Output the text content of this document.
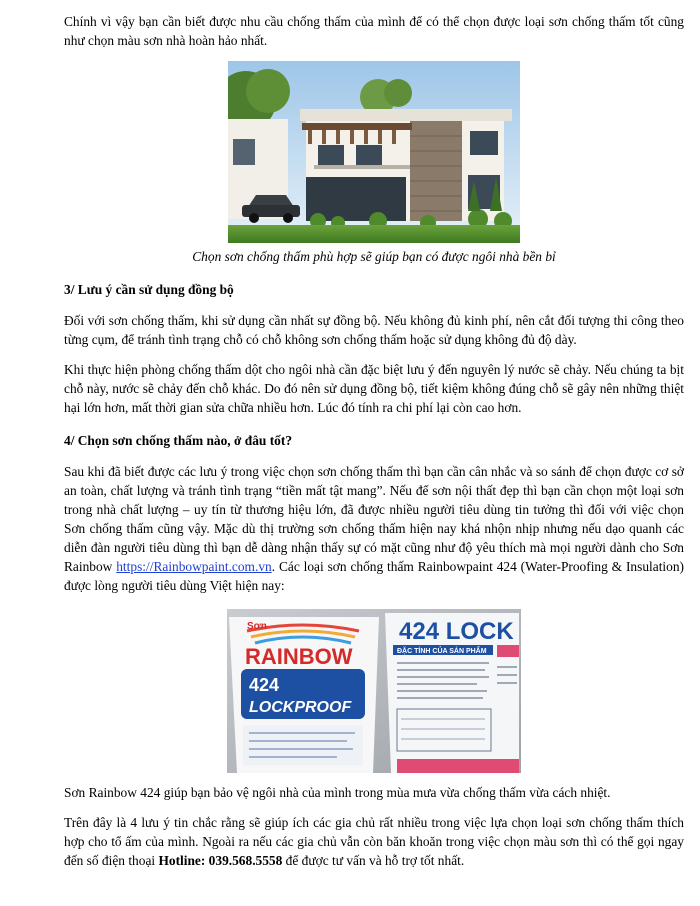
Chính vì vậy bạn cần biết được nhu cầu chống thấm của mình để có thể chọn được loại sơn chống thấm tốt cũng như chọn màu sơn nhà hoàn hảo nhất.

Chọn sơn chống thấm phù hợp sẽ giúp bạn có được ngôi nhà bền bỉ

3/ Lưu ý cần sử dụng đồng bộ

Đối với sơn chống thấm, khi sử dụng cần nhất sự đồng bộ. Nếu không đủ kinh phí, nên cắt đối tượng thi công theo từng cụm, để tránh tình trạng chỗ có chỗ không sơn chống thấm hoặc sử dụng không đủ độ dày.

Khi thực hiện phòng chống thấm dột cho ngôi nhà cần đặc biệt lưu ý đến nguyên lý nước sẽ chảy. Nếu chúng ta bịt chỗ này, nước sẽ chảy đến chỗ khác. Do đó nên sử dụng đồng bộ, tiết kiệm không đúng chỗ sẽ gây nên những thiệt hại lớn hơn, mất thời gian sửa chữa nhiều hơn. Lúc đó tính ra chi phí lại còn cao hơn.

4/ Chọn sơn chống thấm nào, ở đâu tốt?

Sau khi đã biết được các lưu ý trong việc chọn sơn chống thấm thì bạn cần cân nhắc và so sánh để chọn được cơ sở an toàn, chất lượng và tránh tình trạng “tiền mất tật mang”. Nếu để sơn nội thất đẹp thì bạn cần chọn một loại sơn trong nhà chất lượng – uy tín từ thương hiệu lớn, đã được nhiều người tiêu dùng tin tưởng thì đối với việc chọn Sơn chống thấm cũng vậy. Mặc dù thị trường sơn chống thấm hiện nay khá nhộn nhịp nhưng nếu dạo quanh các diễn đàn người tiêu dùng thì bạn dễ dàng nhận thấy sự có mặt cũng như độ yêu thích mà mọi người dành cho Sơn Rainbow https://Rainbowpaint.com.vn. Các loại sơn chống thấm Rainbowpaint 424 (Water-Proofing & Insulation) được lòng người tiêu dùng Việt hiện nay:

Sơn
RAINBOW
424
LOCKPROOF
424 LOCK
ĐẶC TÍNH CỦA SẢN PHẨM

Sơn Rainbow 424 giúp bạn bảo vệ ngôi nhà của mình trong mùa mưa vừa chống thấm vừa cách nhiệt.

Trên đây là 4 lưu ý tin chắc rằng sẽ giúp ích các gia chủ rất nhiều trong việc lựa chọn loại sơn chống thấm thích hợp cho tổ ấm của mình. Ngoài ra nếu các gia chủ vẫn còn băn khoăn trong việc chọn màu sơn thì có thể gọi ngay đến số điện thoại Hotline: 039.568.5558 để được tư vấn và hỗ trợ tốt nhất.
